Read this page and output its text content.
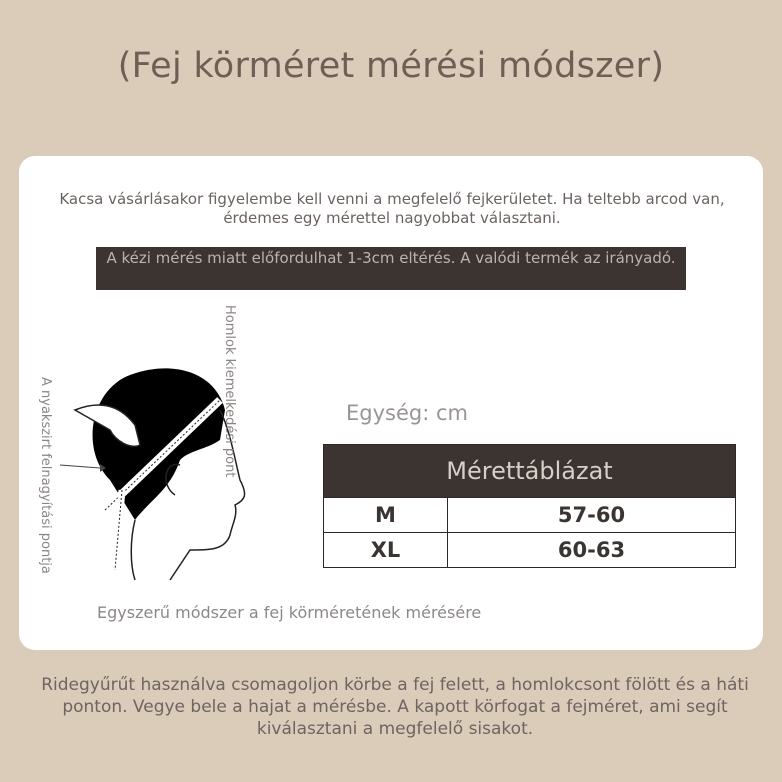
(Fej körméret mérési módszer)
Kacsa vásárlásakor figyelembe kell venni a megfelelő fejkerületet. Ha teltebb arcod van, érdemes egy mérettel nagyobbat választani.
A kézi mérés miatt előfordulhat 1-3cm eltérés. A valódi termék az irányadó.
Homlok kiemelkedési pont
A nyakszirt felnagyítási pontja	Egység: cm
Mérettáblázat	
M	57-60
XL	60-63
Egyszerű módszer a fej körméretének mérésére
Ridegyűrűt használva csomagoljon körbe a fej felett, a homlokcsont fölött és a háti ponton. Vegye bele a hajat a mérésbe. A kapott körfogat a fejméret, ami segít kiválasztani a megfelelő sisakot.
